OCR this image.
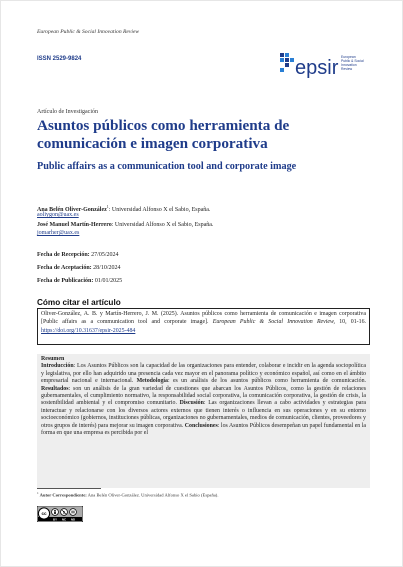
European Public & Social Innovation Review
ISSN 2529-9824	epsir European
Public & Social
Innovation
Review
Artículo de Investigación
Asuntos públicos como herramienta de comunicación e imagen corporativa
Public affairs as a communication tool and corporate image
Ana Belén Oliver-González$^1$: Universidad Alfonso X el Sabio, España.
aoliygon@uax.es
José Manuel Martín-Herrero: Universidad Alfonso X el Sabio, España.
jomarher@uax.es
Fecha de Recepción: 27/05/2024
Fecha de Aceptación: 28/10/2024
Fecha de Publicación: 01/01/2025
Cómo citar el artículo
Oliver-González, A. B. y Martín-Herrero, J. M. (2025). Asuntos públicos como herramienta de comunicación e imagen corporativa [Public affairs as a communication tool and corporate image]. European Public & Social Innovation Review, 10, 01-16. https://doi.org/10.31637/epsir-2025-484
Resumen
Introducción: Los Asuntos Públicos son la capacidad de las organizaciones para entender, colaborar e incidir en la agenda sociopolítica y legislativa, por ello han adquirido una presencia cada vez mayor en el panorama político y económico español, así como en el ámbito empresarial nacional e internacional. Metodología: es un análisis de los asuntos públicos como herramienta de comunicación. Resultados: son un análisis de la gran variedad de cuestiones que abarcan los Asuntos Públicos, como la gestión de relaciones gubernamentales, el cumplimiento normativo, la responsabilidad social corporativa, la comunicación corporativa, la gestión de crisis, la sostenibilidad ambiental y el compromiso comunitario. Discusión: Las organizaciones llevan a cabo actividades y estrategias para interactuar y relacionarse con los diversos actores externos que tienen interés o influencia en sus operaciones y en su entorno socioeconómico (gobiernos, instituciones públicas, organizaciones no gubernamentales, medios de comunicación, clientes, proveedores y otros grupos de interés) para mejorar su imagen corporativa. Conclusiones: los Asuntos Públicos desempeñan un papel fundamental en la forma en que una empresa es percibida por el
$^1$ Autor Correspondiente: Ana Belén Oliver-González. Universidad Alfonso X el Sabio (España).
cc
BY NC ND
